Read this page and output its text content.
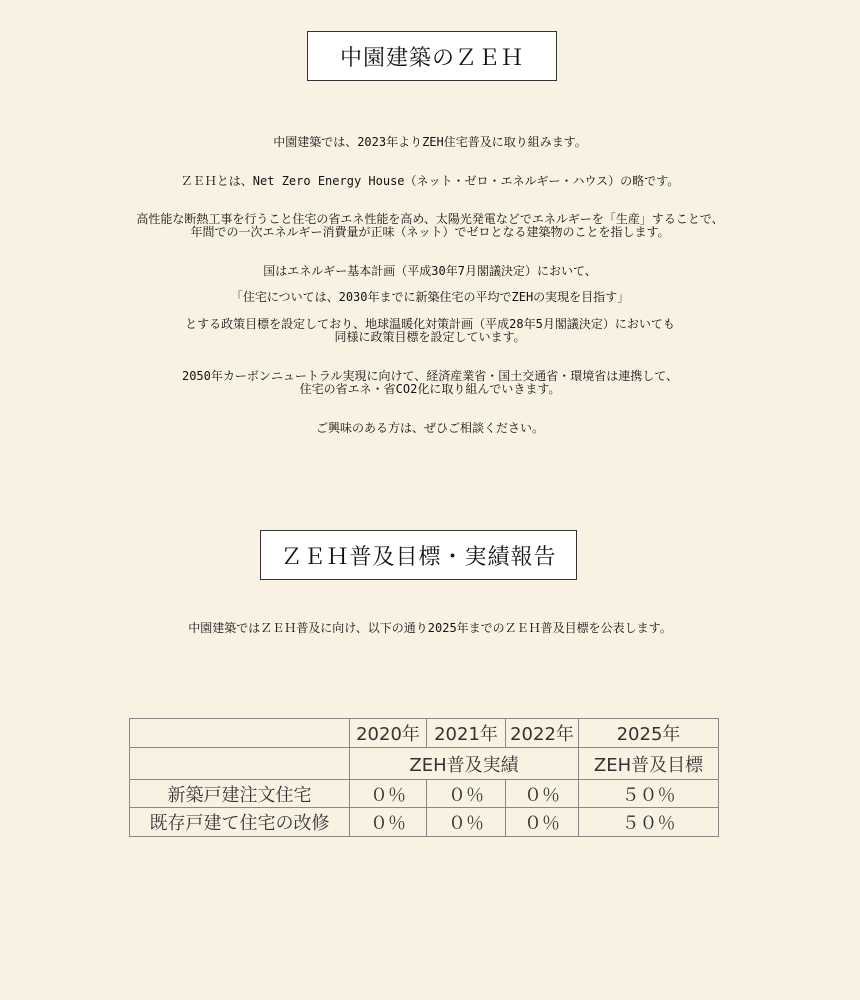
中園建築のＺＥＨ
中園建築では、2023年よりZEH住宅普及に取り組みます。
ＺＥＨとは、Net Zero Energy House（ネット・ゼロ・エネルギー・ハウス）の略です。
高性能な断熱工事を行うこと住宅の省エネ性能を高め、太陽光発電などでエネルギーを「生産」することで、
年間での一次エネルギー消費量が正味（ネット）でゼロとなる建築物のことを指します。
国はエネルギー基本計画（平成30年7月閣議決定）において、
「住宅については、2030年までに新築住宅の平均でZEHの実現を目指す」
とする政策目標を設定しており、地球温暖化対策計画（平成28年5月閣議決定）においても
同様に政策目標を設定しています。
2050年カーボンニュートラル実現に向けて、経済産業省・国土交通省・環境省は連携して、
住宅の省エネ・省CO2化に取り組んでいきます。
ご興味のある方は、ぜひご相談ください。
ＺＥＨ普及目標・実績報告
中園建築ではＺＥＨ普及に向け、以下の通り2025年までのＺＥＨ普及目標を公表します。
	2020年	2021年	2022年	2025年
	ZEH普及実績			ZEH普及目標
新築戸建注文住宅	０％	０％	０％	５０％
既存戸建て住宅の改修	０％	０％	０％	５０％
